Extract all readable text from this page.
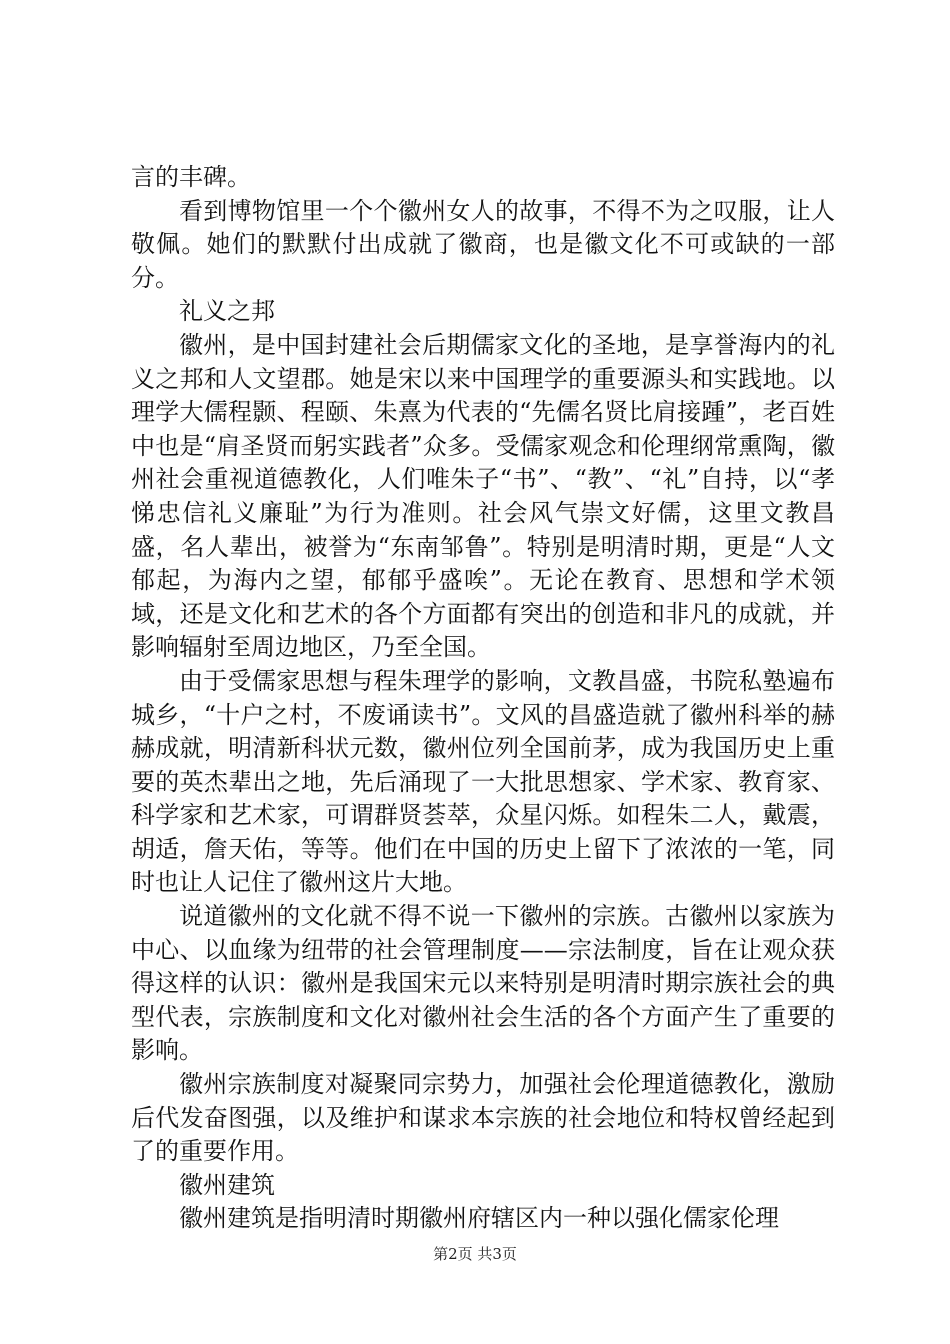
言的丰碑。

看到博物馆里一个个徽州女人的故事，不得不为之叹服，让人敬佩。她们的默默付出成就了徽商，也是徽文化不可或缺的一部分。

礼义之邦

徽州，是中国封建社会后期儒家文化的圣地，是享誉海内的礼义之邦和人文望郡。她是宋以来中国理学的重要源头和实践地。以理学大儒程颢、程颐、朱熹为代表的“先儒名贤比肩接踵”，老百姓中也是“肩圣贤而躬实践者”众多。受儒家观念和伦理纲常熏陶，徽州社会重视道德教化，人们唯朱子“书”、“教”、“礼”自持，以“孝悌忠信礼义廉耻”为行为准则。社会风气崇文好儒，这里文教昌盛，名人辈出，被誉为“东南邹鲁”。特别是明清时期，更是“人文郁起，为海内之望，郁郁乎盛唉”。无论在教育、思想和学术领域，还是文化和艺术的各个方面都有突出的创造和非凡的成就，并影响辐射至周边地区，乃至全国。

由于受儒家思想与程朱理学的影响，文教昌盛，书院私塾遍布城乡，“十户之村，不废诵读书”。文风的昌盛造就了徽州科举的赫赫成就，明清新科状元数，徽州位列全国前茅，成为我国历史上重要的英杰辈出之地，先后涌现了一大批思想家、学术家、教育家、科学家和艺术家，可谓群贤荟萃，众星闪烁。如程朱二人，戴震，胡适，詹天佑，等等。他们在中国的历史上留下了浓浓的一笔，同时也让人记住了徽州这片大地。

说道徽州的文化就不得不说一下徽州的宗族。古徽州以家族为中心、以血缘为纽带的社会管理制度——宗法制度，旨在让观众获得这样的认识：徽州是我国宋元以来特别是明清时期宗族社会的典型代表，宗族制度和文化对徽州社会生活的各个方面产生了重要的影响。

徽州宗族制度对凝聚同宗势力，加强社会伦理道德教化，激励后代发奋图强，以及维护和谋求本宗族的社会地位和特权曾经起到了的重要作用。

徽州建筑

徽州建筑是指明清时期徽州府辖区内一种以强化儒家伦理

第2页 共3页
